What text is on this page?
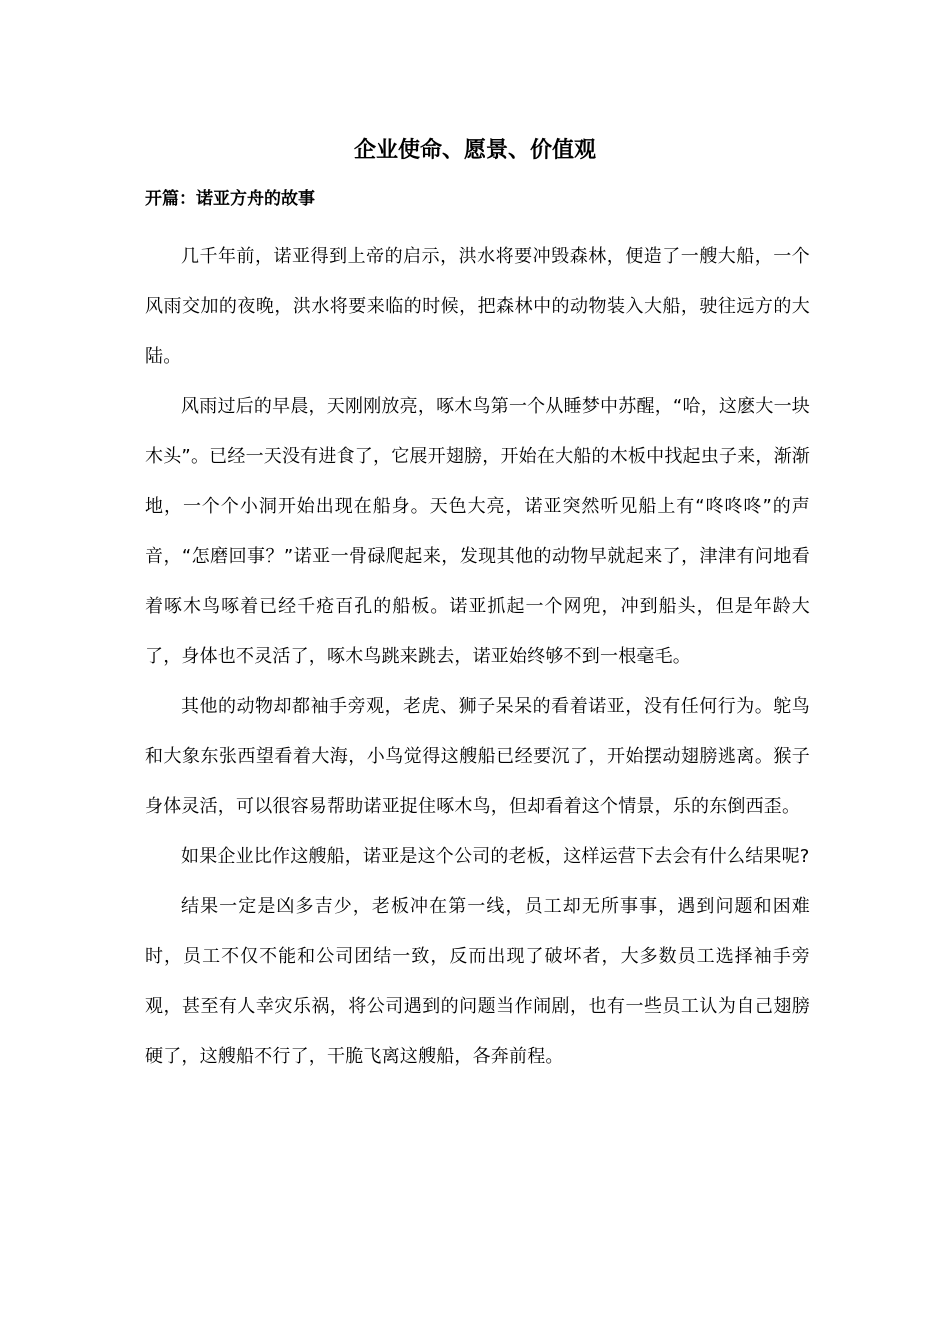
企业使命、愿景、价值观
开篇：诺亚方舟的故事

几千年前，诺亚得到上帝的启示，洪水将要冲毁森林，便造了一艘大船，一个风雨交加的夜晚，洪水将要来临的时候，把森林中的动物装入大船，驶往远方的大陆。

风雨过后的早晨，天刚刚放亮，啄木鸟第一个从睡梦中苏醒，“哈，这麽大一块木头”。已经一天没有进食了，它展开翅膀，开始在大船的木板中找起虫子来，渐渐地，一个个小洞开始出现在船身。天色大亮，诺亚突然听见船上有“咚咚咚”的声音，“怎磨回事？”诺亚一骨碌爬起来，发现其他的动物早就起来了，津津有问地看着啄木鸟啄着已经千疮百孔的船板。诺亚抓起一个网兜，冲到船头，但是年龄大了，身体也不灵活了，啄木鸟跳来跳去，诺亚始终够不到一根毫毛。

其他的动物却都袖手旁观，老虎、狮子呆呆的看着诺亚，没有任何行为。鸵鸟和大象东张西望看着大海，小鸟觉得这艘船已经要沉了，开始摆动翅膀逃离。猴子身体灵活，可以很容易帮助诺亚捉住啄木鸟，但却看着这个情景，乐的东倒西歪。

如果企业比作这艘船，诺亚是这个公司的老板，这样运营下去会有什么结果呢?

结果一定是凶多吉少，老板冲在第一线，员工却无所事事，遇到问题和困难时，员工不仅不能和公司团结一致，反而出现了破坏者，大多数员工选择袖手旁观，甚至有人幸灾乐祸，将公司遇到的问题当作闹剧，也有一些员工认为自己翅膀硬了，这艘船不行了，干脆飞离这艘船，各奔前程。
